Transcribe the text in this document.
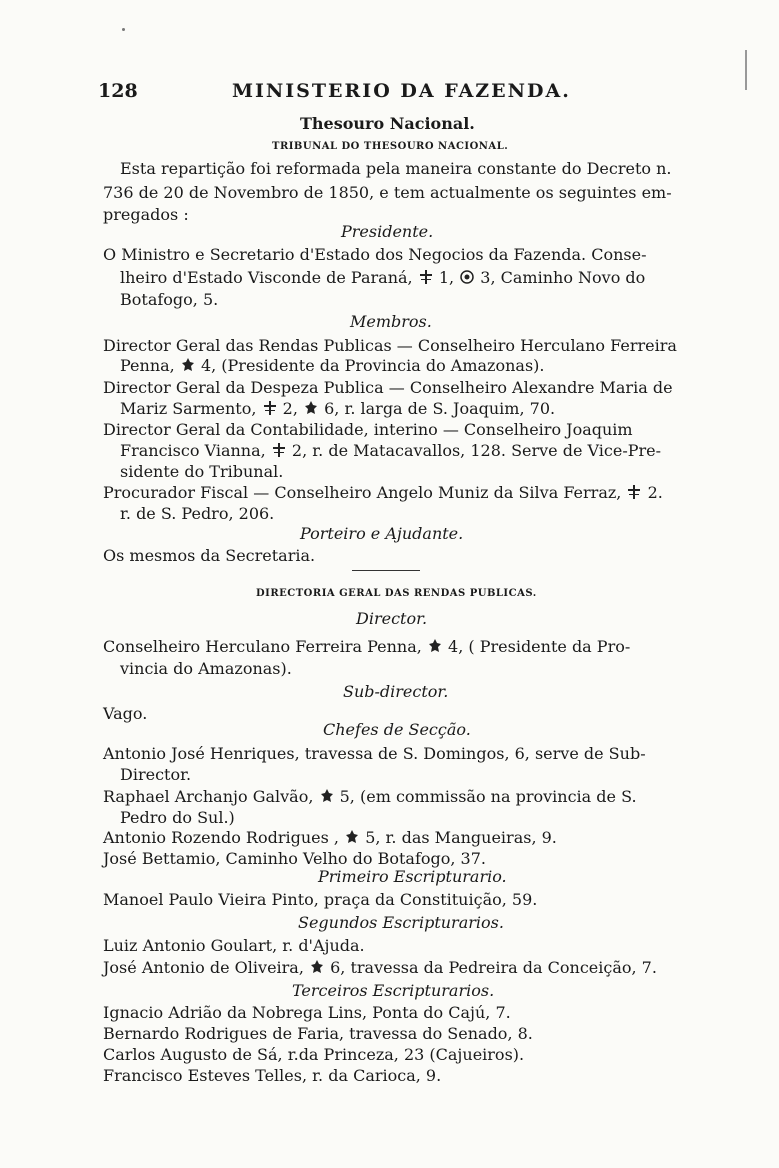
128	MINISTERIO DA FAZENDA.
Thesouro Nacional.
TRIBUNAL DO THESOURO NACIONAL.
Esta repartição foi reformada pela maneira constante do Decreto n.
736 de 20 de Novembro de 1850, e tem actualmente os seguintes em-
pregados :
Presidente.
O Ministro e Secretario d'Estado dos Negocios da Fazenda. Conse-
lheiro d'Estado Visconde de Paraná, 1, 3, Caminho Novo do
Botafogo, 5.
Membros.
Director Geral das Rendas Publicas — Conselheiro Herculano Ferreira
Penna, 4, (Presidente da Provincia do Amazonas).
Director Geral da Despeza Publica — Conselheiro Alexandre Maria de
Mariz Sarmento, 2, 6, r. larga de S. Joaquim, 70.
Director Geral da Contabilidade, interino — Conselheiro Joaquim
Francisco Vianna, 2, r. de Matacavallos, 128. Serve de Vice-Pre-
sidente do Tribunal.
Procurador Fiscal — Conselheiro Angelo Muniz da Silva Ferraz, 2.
r. de S. Pedro, 206.
Porteiro e Ajudante.
Os mesmos da Secretaria.
DIRECTORIA GERAL DAS RENDAS PUBLICAS.
Director.
Conselheiro Herculano Ferreira Penna, 4, ( Presidente da Pro-
vincia do Amazonas).
Sub-director.
Vago.
Chefes de Secção.
Antonio José Henriques, travessa de S. Domingos, 6, serve de Sub-
Director.
Raphael Archanjo Galvão, 5, (em commissão na provincia de S.
Pedro do Sul.)
Antonio Rozendo Rodrigues , 5, r. das Mangueiras, 9.
José Bettamio, Caminho Velho do Botafogo, 37.
Primeiro Escripturario.
Manoel Paulo Vieira Pinto, praça da Constituição, 59.
Segundos Escripturarios.
Luiz Antonio Goulart, r. d'Ajuda.
José Antonio de Oliveira, 6, travessa da Pedreira da Conceição, 7.
Terceiros Escripturarios.
Ignacio Adrião da Nobrega Lins, Ponta do Cajú, 7.
Bernardo Rodrigues de Faria, travessa do Senado, 8.
Carlos Augusto de Sá, r.da Princeza, 23 (Cajueiros).
Francisco Esteves Telles, r. da Carioca, 9.
